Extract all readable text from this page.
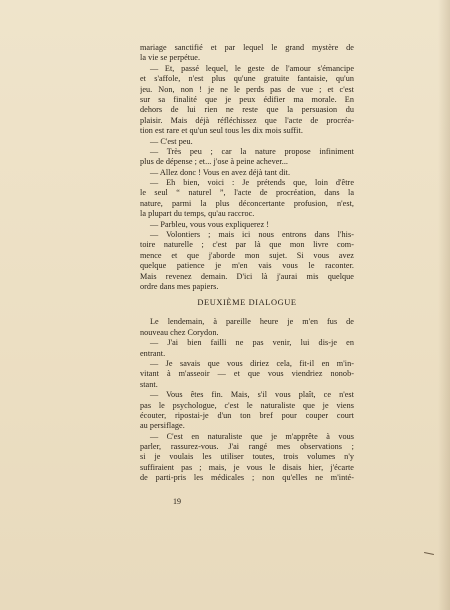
mariage sanctifié et par lequel le grand mystère de
la vie se perpétue.
— Et, passé lequel, le geste de l'amour s'émancipe
et s'affole, n'est plus qu'une gratuite fantaisie, qu'un
jeu. Non, non ! je ne le perds pas de vue ; et c'est
sur sa finalité que je peux édifier ma morale. En
dehors de lui rien ne reste que la persuasion du
plaisir. Mais déjà réfléchissez que l'acte de procréa-
tion est rare et qu'un seul tous les dix mois suffit.
— C'est peu.
— Très peu ; car la nature propose infiniment
plus de dépense ; et... j'ose à peine achever...
— Allez donc ! Vous en avez déjà tant dit.
— Eh bien, voici : Je prétends que, loin d'être
le seul “ naturel ”, l'acte de procréation, dans la
nature, parmi la plus déconcertante profusion, n'est,
la plupart du temps, qu'au raccroc.
— Parbleu, vous vous expliquerez !
— Volontiers ; mais ici nous entrons dans l'his-
toire naturelle ; c'est par là que mon livre com-
mence et que j'aborde mon sujet. Si vous avez
quelque patience je m'en vais vous le raconter.
Mais revenez demain. D'ici là j'aurai mis quelque
ordre dans mes papiers.
DEUXIÈME DIALOGUE
Le lendemain, à pareille heure je m'en fus de
nouveau chez Corydon.
— J'ai bien failli ne pas venir, lui dis-je en
entrant.
— Je savais que vous diriez cela, fit-il en m'in-
vitant à m'asseoir — et que vous viendriez nonob-
stant.
— Vous êtes fin. Mais, s'il vous plaît, ce n'est
pas le psychologue, c'est le naturaliste que je viens
écouter, ripostai-je d'un ton bref pour couper court
au persiflage.
— C'est en naturaliste que je m'apprête à vous
parler, rassurez-vous. J'ai rangé mes observations ;
si je voulais les utiliser toutes, trois volumes n'y
suffiraient pas ; mais, je vous le disais hier, j'écarte
de parti-pris les médicales ; non qu'elles ne m'inté-
19
